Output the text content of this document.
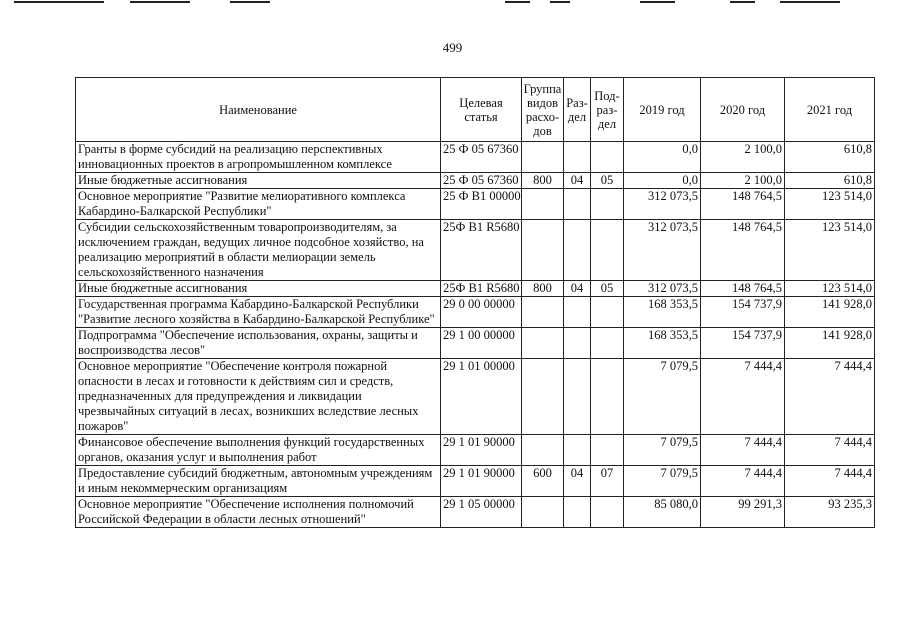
499
Наименование	Целевая статья	Группа видов расхо-дов	Раз-дел	Под-раз-дел	2019 год	2020 год	2021 год
Гранты в форме субсидий на реализацию перспективных инновационных проектов в агропромышленном комплексе	25 Ф 05 67360				0,0	2 100,0	610,8
Иные бюджетные ассигнования	25 Ф 05 67360	800	04	05	0,0	2 100,0	610,8
Основное мероприятие "Развитие мелиоративного комплекса Кабардино-Балкарской Республики"	25 Ф В1 00000				312 073,5	148 764,5	123 514,0
Субсидии сельскохозяйственным товаропроизводителям, за исключением граждан, ведущих личное подсобное хозяйство, на реализацию мероприятий в области мелиорации земель сельскохозяйственного назначения	25Ф В1 R5680				312 073,5	148 764,5	123 514,0
Иные бюджетные ассигнования	25Ф В1 R5680	800	04	05	312 073,5	148 764,5	123 514,0
Государственная программа Кабардино-Балкарской Республики "Развитие лесного хозяйства в Кабардино-Балкарской Республике"	29 0 00 00000				168 353,5	154 737,9	141 928,0
Подпрограмма "Обеспечение использования, охраны, защиты и воспроизводства лесов"	29 1 00 00000				168 353,5	154 737,9	141 928,0
Основное мероприятие "Обеспечение контроля пожарной опасности в лесах и готовности к действиям сил и средств, предназначенных для предупреждения и ликвидации чрезвычайных ситуаций в лесах, возникших вследствие лесных пожаров"	29 1 01 00000				7 079,5	7 444,4	7 444,4
Финансовое обеспечение выполнения функций государственных органов, оказания услуг и выполнения работ	29 1 01 90000				7 079,5	7 444,4	7 444,4
Предоставление субсидий бюджетным, автономным учреждениям и иным некоммерческим организациям	29 1 01 90000	600	04	07	7 079,5	7 444,4	7 444,4
Основное мероприятие "Обеспечение исполнения полномочий Российской Федерации в области лесных отношений"	29 1 05 00000				85 080,0	99 291,3	93 235,3
